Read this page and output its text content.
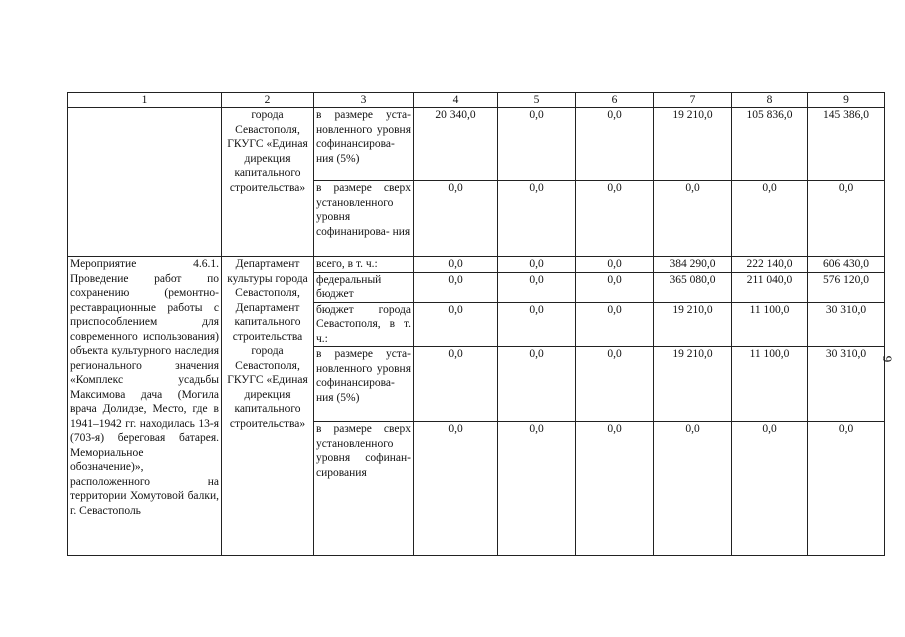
1	2	3	4	5	6	7	8	9
	города Севастополя, ГКУГС «Единая дирекция капитального строительства»	в размере уста- новленного уровня софинансирова- ния (5%)	20 340,0	0,0	0,0	19 210,0	105 836,0	145 386,0
		в размере сверх установленного уровня софинанирова- ния	0,0	0,0	0,0	0,0	0,0	0,0
Мероприятие 4.6.1. Проведение работ по сохранению (ремонтно-реставрационные работы с приспособлением для современного использования) объекта культурного наследия регионального значения «Комплекс усадьбы Максимова дача (Могила врача Долидзе, Место, где в 1941–1942 гг. находилась 13-я (703-я) береговая батарея. Мемориальное обозначение)», расположенного на территории Хомутовой балки, г. Севастополь	Департамент культуры города Севастополя, Департамент капитального строительства города Севастополя, ГКУГС «Единая дирекция капитального строительства»	всего, в т. ч.:	0,0	0,0	0,0	384 290,0	222 140,0	606 430,0
		федеральный бюджет	0,0	0,0	0,0	365 080,0	211 040,0	576 120,0
		бюджет города Севастополя, в т. ч.:	0,0	0,0	0,0	19 210,0	11 100,0	30 310,0
		в размере уста- новленного уровня софинансирова- ния (5%)	0,0	0,0	0,0	19 210,0	11 100,0	30 310,0
		в размере сверх установленного уровня софинан- сирования	0,0	0,0	0,0	0,0	0,0	0,0
9
